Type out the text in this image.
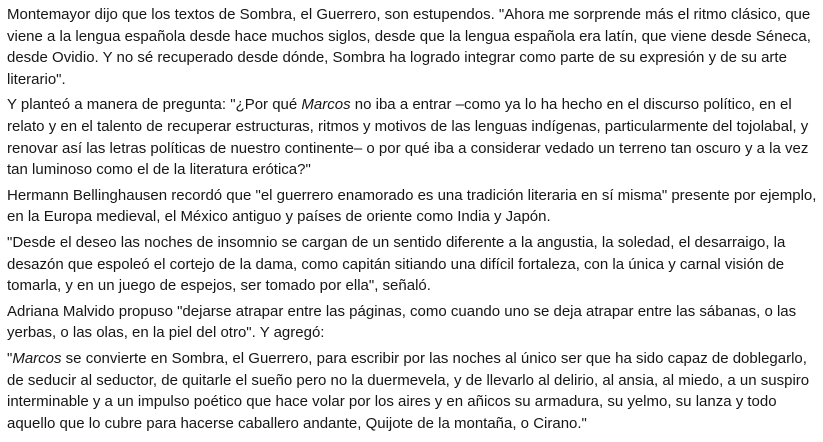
Montemayor dijo que los textos de Sombra, el Guerrero, son estupendos. "Ahora me sorprende más el ritmo clásico, que viene a la lengua española desde hace muchos siglos, desde que la lengua española era latín, que viene desde Séneca, desde Ovidio. Y no sé recuperado desde dónde, Sombra ha logrado integrar como parte de su expresión y de su arte literario".

Y planteó a manera de pregunta: "¿Por qué Marcos no iba a entrar –como ya lo ha hecho en el discurso político, en el relato y en el talento de recuperar estructuras, ritmos y motivos de las lenguas indígenas, particularmente del tojolabal, y renovar así las letras políticas de nuestro continente– o por qué iba a considerar vedado un terreno tan oscuro y a la vez tan luminoso como el de la literatura erótica?"

Hermann Bellinghausen recordó que "el guerrero enamorado es una tradición literaria en sí misma" presente por ejemplo, en la Europa medieval, el México antiguo y países de oriente como India y Japón.

"Desde el deseo las noches de insomnio se cargan de un sentido diferente a la angustia, la soledad, el desarraigo, la desazón que espoleó el cortejo de la dama, como capitán sitiando una difícil fortaleza, con la única y carnal visión de tomarla, y en un juego de espejos, ser tomado por ella", señaló.

Adriana Malvido propuso "dejarse atrapar entre las páginas, como cuando uno se deja atrapar entre las sábanas, o las yerbas, o las olas, en la piel del otro". Y agregó:

"Marcos se convierte en Sombra, el Guerrero, para escribir por las noches al único ser que ha sido capaz de doblegarlo, de seducir al seductor, de quitarle el sueño pero no la duermevela, y de llevarlo al delirio, al ansia, al miedo, a un suspiro interminable y a un impulso poético que hace volar por los aires y en añicos su armadura, su yelmo, su lanza y todo aquello que lo cubre para hacerse caballero andante, Quijote de la montaña, o Cirano."
